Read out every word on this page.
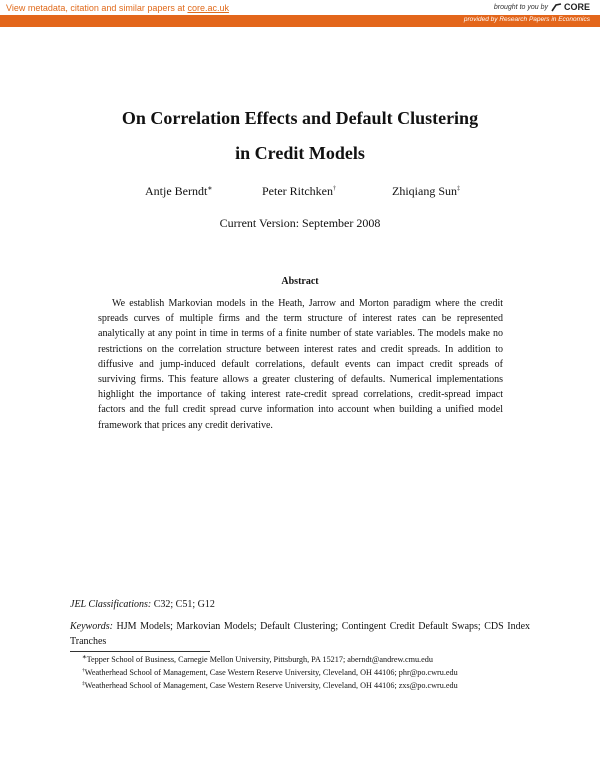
View metadata, citation and similar papers at core.ac.uk	brought to you by CORE
provided by Research Papers in Economics
On Correlation Effects and Default Clustering
in Credit Models
Antje Berndt∗	Peter Ritchken†	Zhiqiang Sun‡
Current Version: September 2008
Abstract
We establish Markovian models in the Heath, Jarrow and Morton paradigm where the credit spreads curves of multiple firms and the term structure of interest rates can be represented analytically at any point in time in terms of a finite number of state variables. The models make no restrictions on the correlation structure between interest rates and credit spreads. In addition to diffusive and jump-induced default correlations, default events can impact credit spreads of surviving firms. This feature allows a greater clustering of defaults. Numerical implementations highlight the importance of taking interest rate-credit spread correlations, credit-spread impact factors and the full credit spread curve information into account when building a unified model framework that prices any credit derivative.
JEL Classifications: C32; C51; G12
Keywords: HJM Models; Markovian Models; Default Clustering; Contingent Credit Default Swaps; CDS Index Tranches
∗Tepper School of Business, Carnegie Mellon University, Pittsburgh, PA 15217; aberndt@andrew.cmu.edu
†Weatherhead School of Management, Case Western Reserve University, Cleveland, OH 44106; phr@po.cwru.edu
‡Weatherhead School of Management, Case Western Reserve University, Cleveland, OH 44106; zxs@po.cwru.edu
